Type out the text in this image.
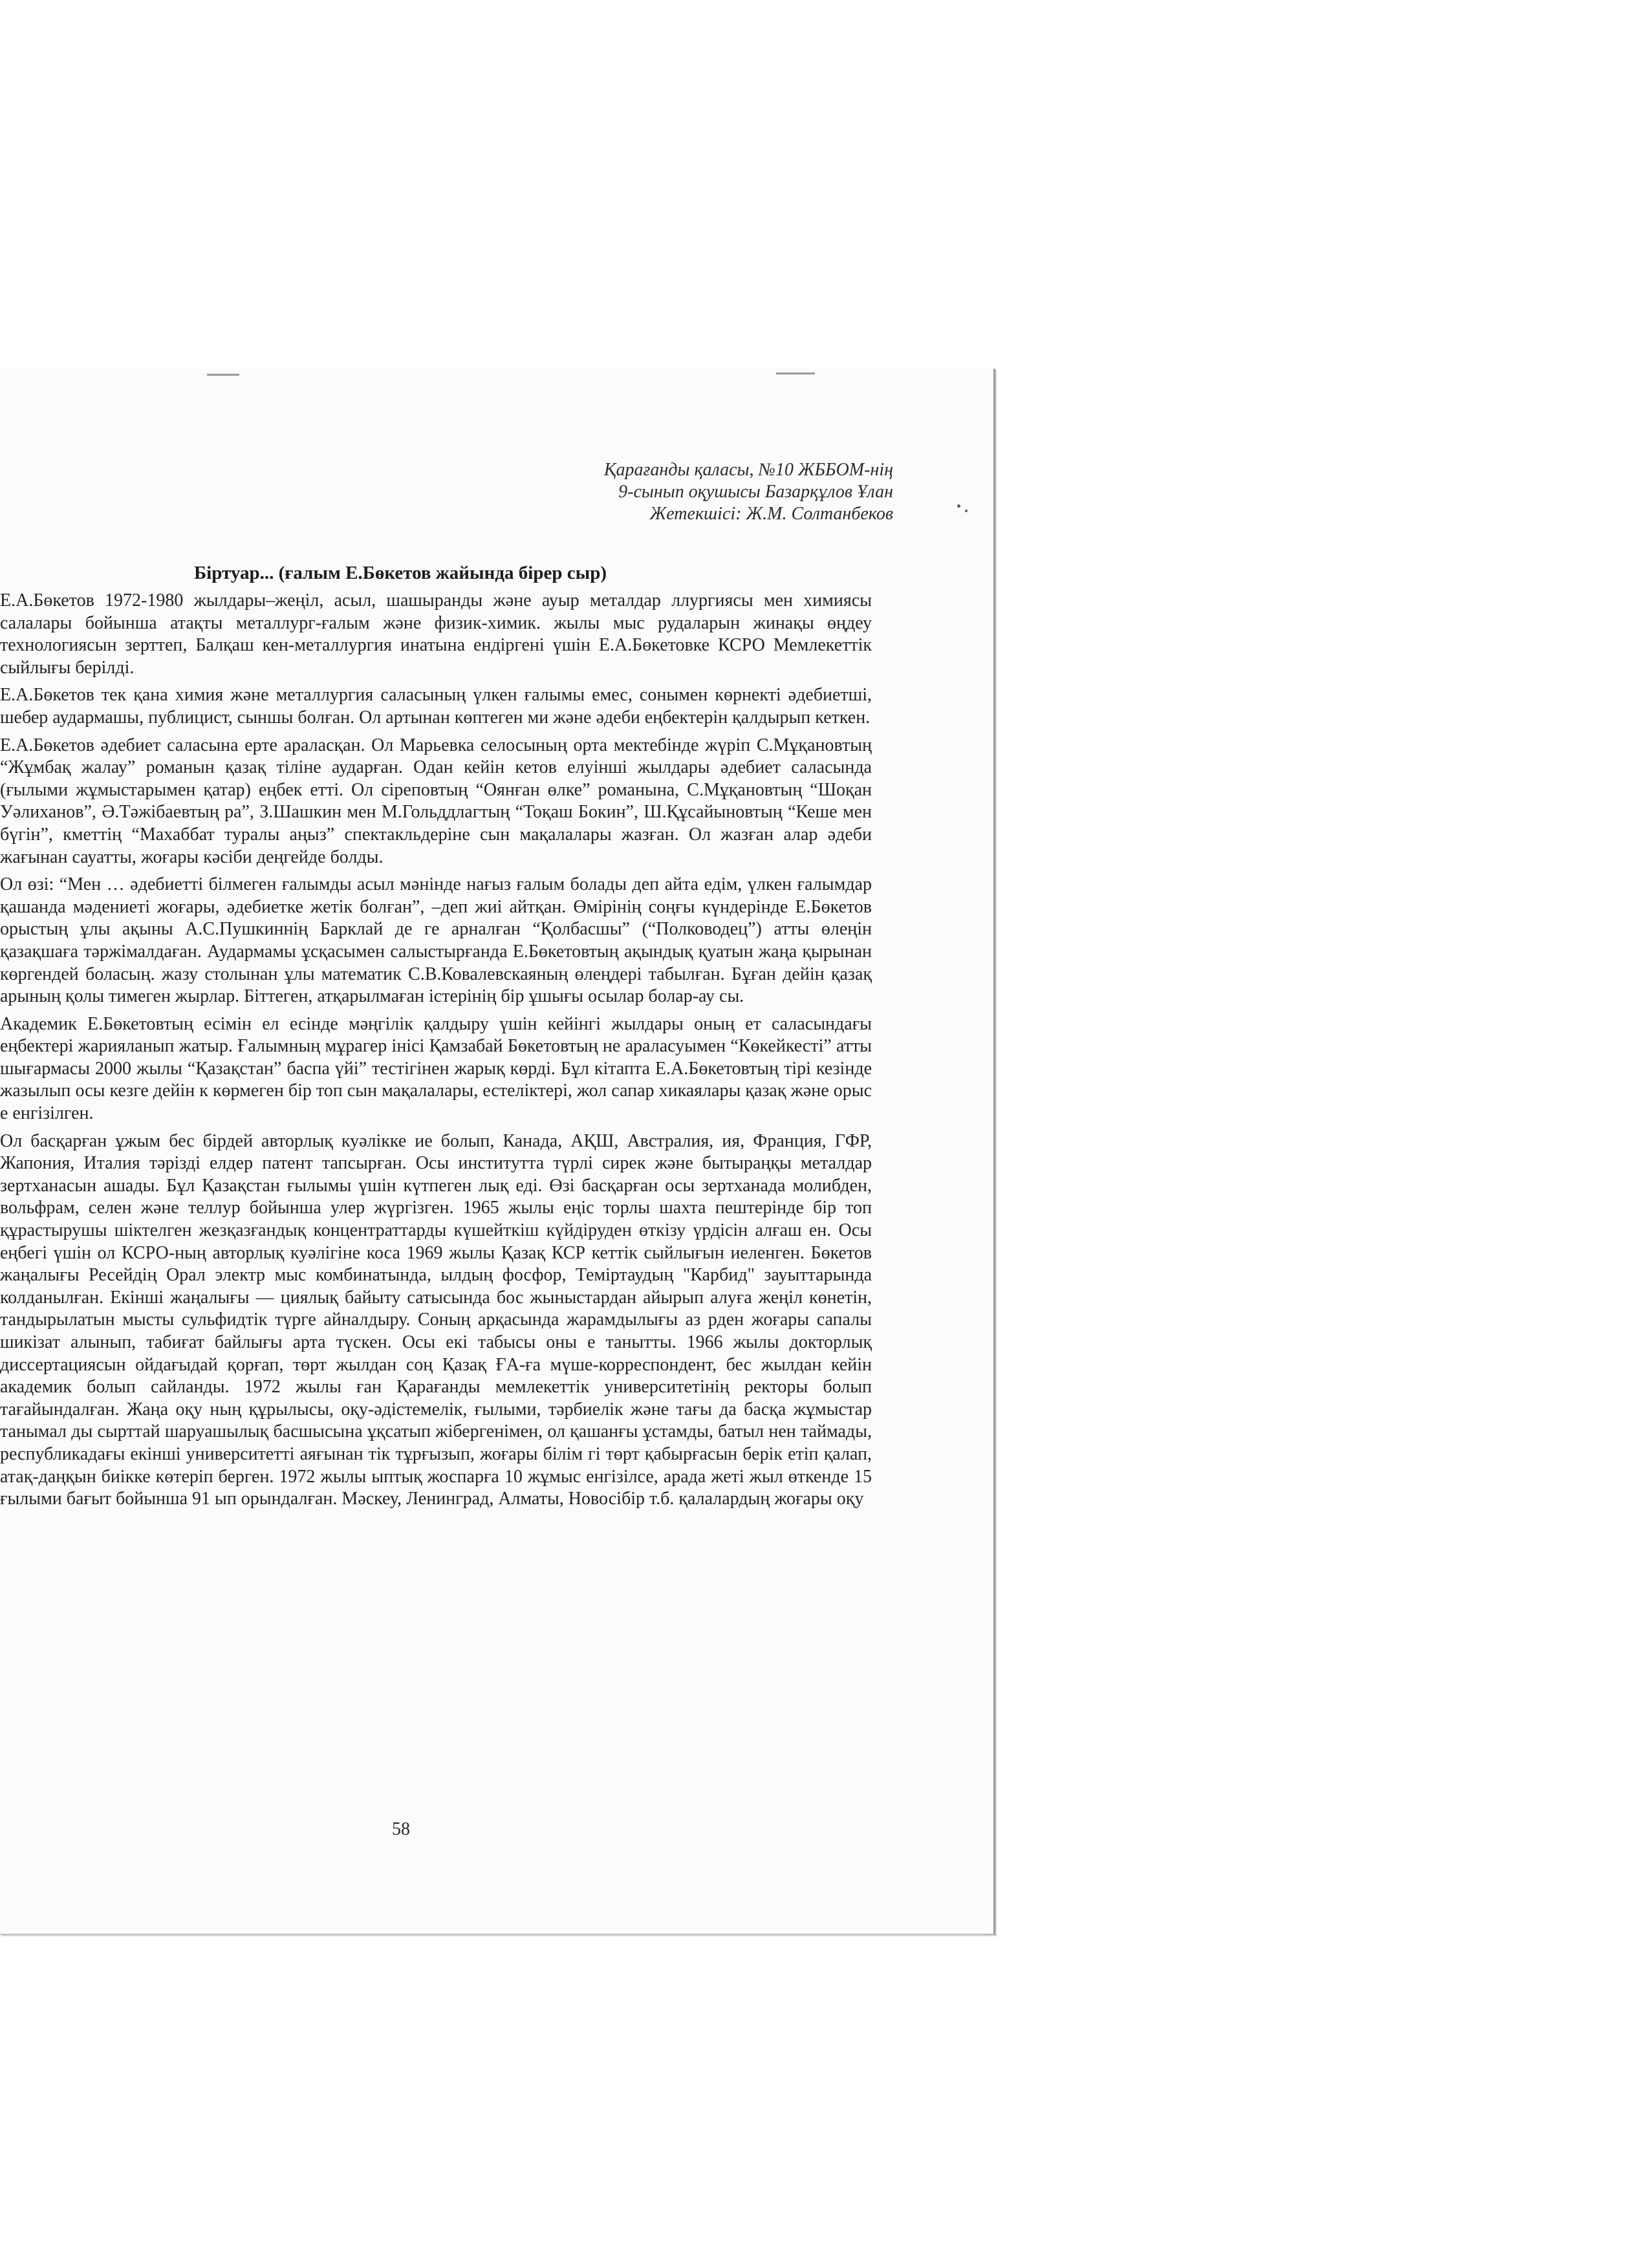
Қарағанды қаласы, №10 ЖББОМ-нің
9-сынып оқушысы Базарқұлов Ұлан
Жетекшісі: Ж.М. Солтанбеков
Біртуар... (ғалым Е.Бөкетов жайында бірер сыр)

Е.А.Бөкетов 1972-1980 жылдары–жеңіл, асыл, шашыранды және ауыр металдар ллургиясы мен химиясы салалары бойынша атақты металлург-ғалым және физик-химик. жылы мыс рудаларын жинақы өңдеу технологиясын зерттеп, Балқаш кен-металлургия инатына ендіргені үшін Е.А.Бөкетовке КСРО Мемлекеттік сыйлығы берілді.

Е.А.Бөкетов тек қана химия және металлургия саласының үлкен ғалымы емес, сонымен көрнекті әдебиетші, шебер аудармашы, публицист, сыншы болған. Ол артынан көптеген ми және әдеби еңбектерін қалдырып кеткен.

Е.А.Бөкетов әдебиет саласына ерте араласқан. Ол Марьевка селосының орта мектебінде жүріп С.Мұқановтың “Жұмбақ жалау” романын қазақ тіліне аударған. Одан кейін кетов елуінші жылдары әдебиет саласында (ғылыми жұмыстарымен қатар) еңбек етті. Ол сіреповтың “Оянған өлке” романына, С.Мұқановтың “Шоқан Уәлиханов”, Ә.Тәжібаевтың ра”, З.Шашкин мен М.Гольддлагтың “Тоқаш Бокин”, Ш.Құсайыновтың “Кеше мен бүгін”, кметтің “Махаббат туралы аңыз” спектакльдеріне сын мақалалары жазған. Ол жазған алар әдеби жағынан сауатты, жоғары кәсіби деңгейде болды.

Ол өзі: “Мен … әдебиетті білмеген ғалымды асыл мәнінде нағыз ғалым болады деп айта едім, үлкен ғалымдар қашанда мәдениеті жоғары, әдебиетке жетік болған”, –деп жиі айтқан. Өмірінің соңғы күндерінде Е.Бөкетов орыстың ұлы ақыны А.С.Пушкиннің Барклай де ге арналған “Қолбасшы” (“Полководец”) атты өлеңін қазақшаға тәржімалдаған. Аудармамы ұсқасымен салыстырғанда Е.Бөкетовтың ақындық қуатын жаңа қырынан көргендей боласың. жазу столынан ұлы математик С.В.Ковалевскаяның өлеңдері табылған. Бұған дейін қазақ арының қолы тимеген жырлар. Біттеген, атқарылмаған істерінің бір ұшығы осылар болар-ау сы.

Академик Е.Бөкетовтың есімін ел есінде мәңгілік қалдыру үшін кейінгі жылдары оның ет саласындағы еңбектері жарияланып жатыр. Ғалымның мұрагер інісі Қамзабай Бөкетовтың не араласуымен “Көкейкесті” атты шығармасы 2000 жылы “Қазақстан” баспа үйі” тестігінен жарық көрді. Бұл кітапта Е.А.Бөкетовтың тірі кезінде жазылып осы кезге дейін к көрмеген бір топ сын мақалалары, естеліктері, жол сапар хикаялары қазақ және орыс е енгізілген.

Ол басқарған ұжым бес бірдей авторлық куәлікке ие болып, Канада, АҚШ, Австралия, ия, Франция, ГФР, Жапония, Италия тәрізді елдер патент тапсырған. Осы институтта түрлі сирек және бытыраңқы металдар зертханасын ашады. Бұл Қазақстан ғылымы үшін күтпеген лық еді. Өзі басқарған осы зертханада молибден, вольфрам, селен және теллур бойынша улер жүргізген. 1965 жылы еңіс торлы шахта пештерінде бір топ құрастырушы шіктелген жезқазғандық концентраттарды күшейткіш күйдіруден өткізу үрдісін алғаш ен. Осы еңбегі үшін ол КСРО-ның авторлық куәлігіне коса 1969 жылы Қазақ КСР кеттік сыйлығын иеленген. Бөкетов жаңалығы Ресейдің Орал электр мыс комбинатында, ылдың фосфор, Теміртаудың "Карбид" зауыттарында колданылған. Екінші жаңалығы — циялық байыту сатысында бос жыныстардан айырып алуға жеңіл көнетін, тандырылатын мысты сульфидтік түрге айналдыру. Соның арқасында жарамдылығы аз рден жоғары сапалы шикізат алынып, табиғат байлығы арта түскен. Осы екі табысы оны е танытты. 1966 жылы докторлық диссертациясын ойдағыдай қорғап, төрт жылдан соң Қазақ ҒА-ға мүше-корреспондент, бес жылдан кейін академик болып сайланды. 1972 жылы ған Қарағанды мемлекеттік университетінің ректоры болып тағайындалған. Жаңа оқу ның құрылысы, оқу-әдістемелік, ғылыми, тәрбиелік және тағы да басқа жұмыстар танымал ды сырттай шаруашылық басшысына ұқсатып жібергенімен, ол қашанғы ұстамды, батыл нен таймады, республикадағы екінші университетті аяғынан тік тұрғызып, жоғары білім гі төрт қабырғасын берік етіп қалап, атақ-даңқын биікке көтеріп берген. 1972 жылы ыптық жоспарға 10 жұмыс енгізілсе, арада жеті жыл өткенде 15 ғылыми бағыт бойынша 91 ып орындалған. Мәскеу, Ленинград, Алматы, Новосібір т.б. қалалардың жоғары оқу

58
